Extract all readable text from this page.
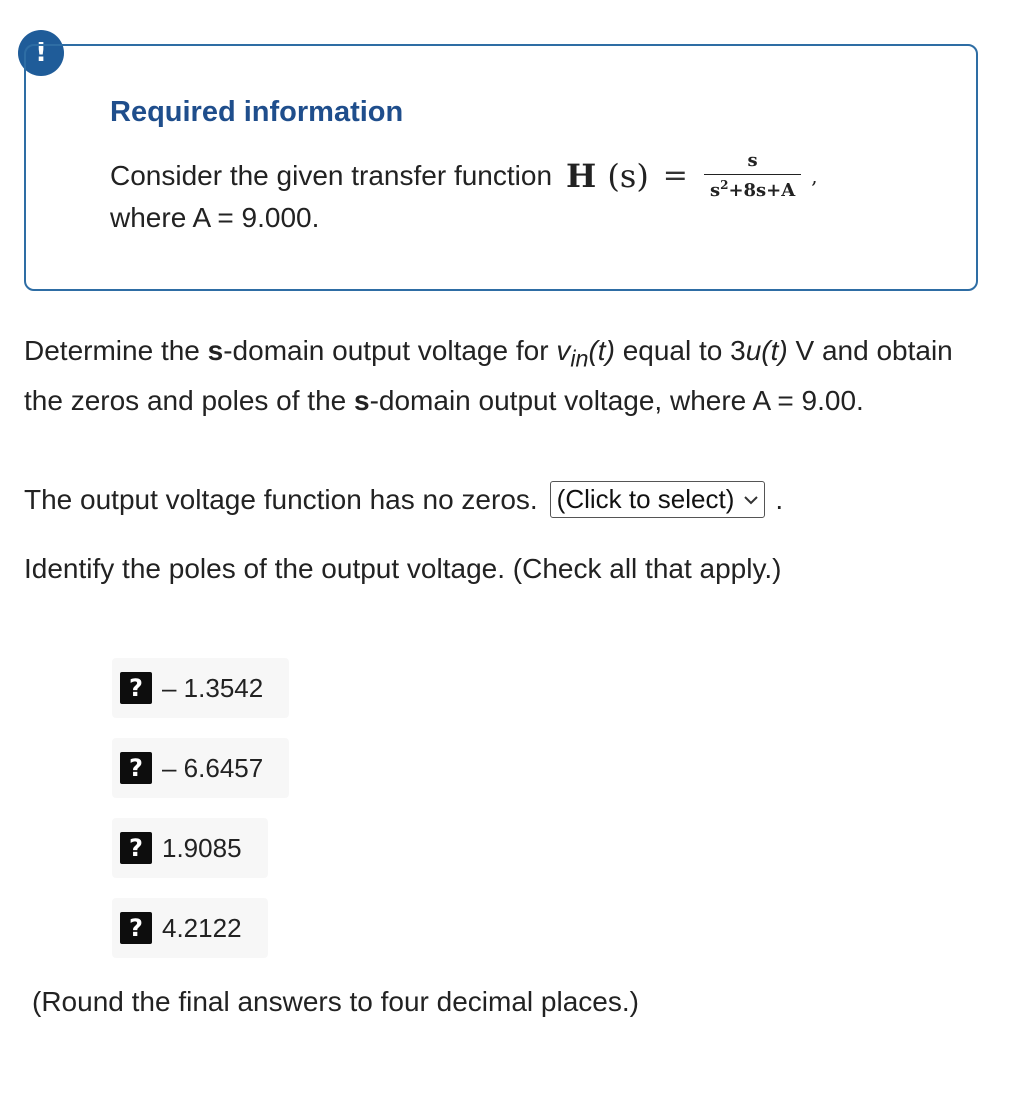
!
Required information
Consider the given transfer function H $(s) = \frac{s}{s^2+8s+A}$ ,
where A = 9.000.
Determine the s-domain output voltage for $v_{in}(t)$ equal to 3u(t) V and obtain the zeros and poles of the s-domain output voltage, where A = 9.00.
The output voltage function has no zeros. (Click to select) .
Identify the poles of the output voltage. (Check all that apply.)
? – 1.3542
? – 6.6457
? 1.9085
? 4.2122
(Round the final answers to four decimal places.)
